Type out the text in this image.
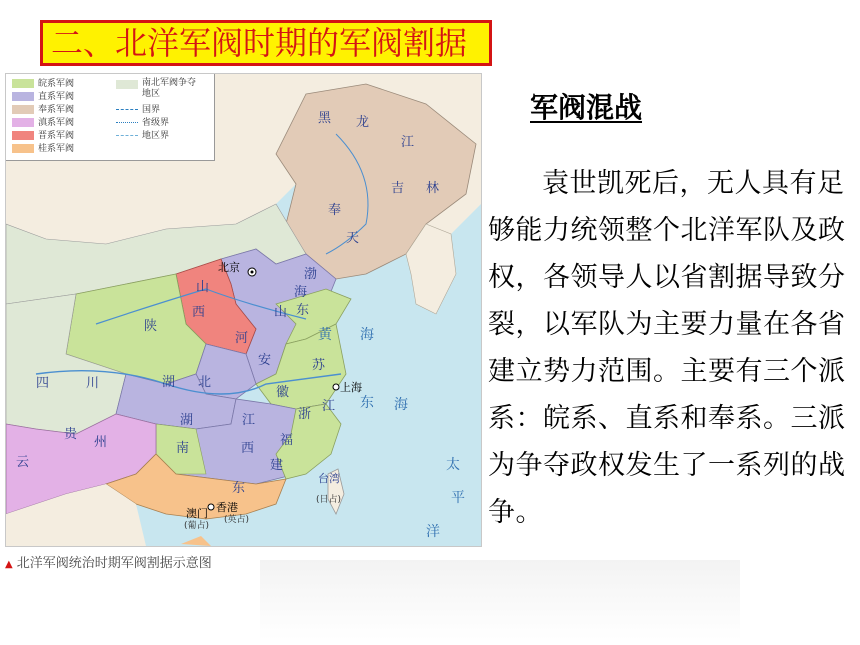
二、北洋军阀时期的军阀割据
黑 龙
江
吉 林
奉
天
北京	渤
海
山
西	山 东
陕
河	黄 海
四	川	湖 北
安
徽
苏
上海
东 海
浙
江
湖
南
江
西
福
建
贵
州
云
东
香港
(英占)
澳门
(葡占)
台湾
(日占)
太
平
洋
皖系军阀
直系军阀
奉系军阀
滇系军阀
晋系军阀
桂系军阀
南北军阀争夺地区
国界
省级界
地区界
▲ 北洋军阀统治时期军阀割据示意图
军阀混战
袁世凯死后，无人具有足够能力统领整个北洋军队及政权，各领导人以省割据导致分裂，以军队为主要力量在各省建立势力范围。主要有三个派系：皖系、直系和奉系。三派为争夺政权发生了一系列的战争。
